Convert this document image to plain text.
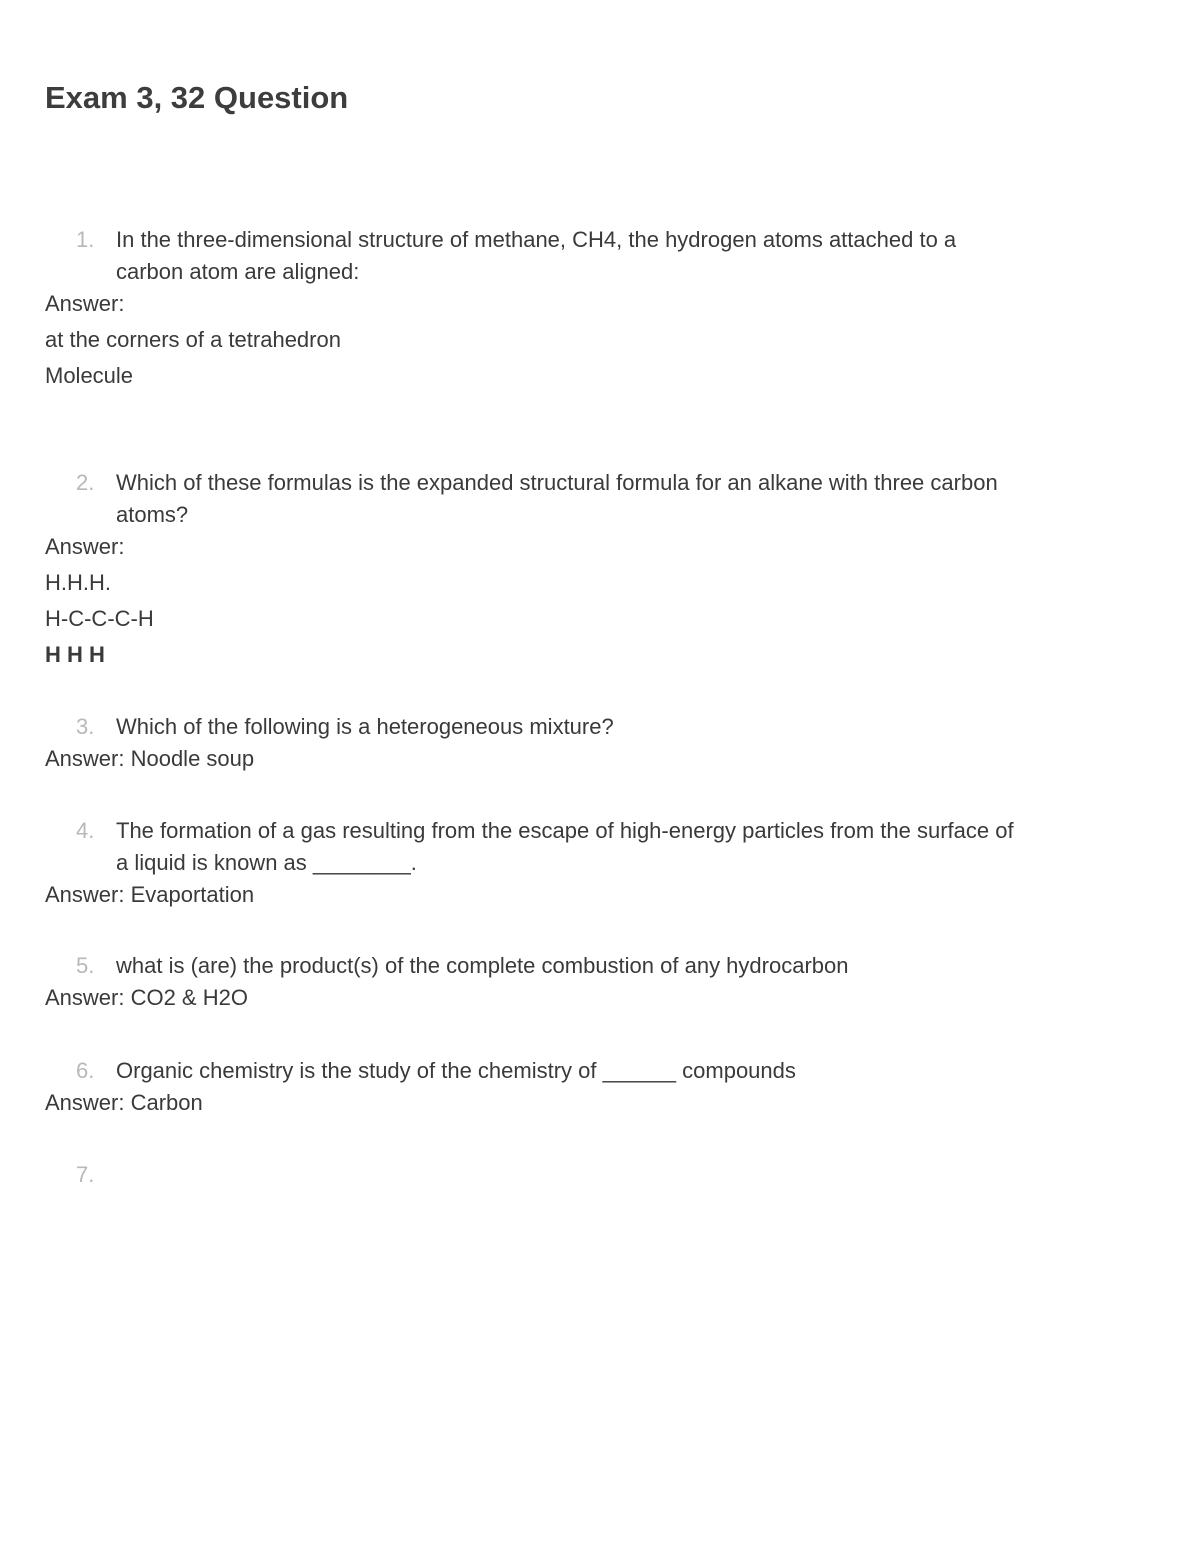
Exam 3, 32 Question
1. In the three-dimensional structure of methane, CH4, the hydrogen atoms attached to a
carbon atom are aligned:
Answer:
at the corners of a tetrahedron
Molecule
2. Which of these formulas is the expanded structural formula for an alkane with three carbon
atoms?
Answer:
H.H.H.
H-C-C-C-H
H H H
3. Which of the following is a heterogeneous mixture?
Answer: Noodle soup
4. The formation of a gas resulting from the escape of high-energy particles from the surface of
a liquid is known as ________.
Answer: Evaportation
5. what is (are) the product(s) of the complete combustion of any hydrocarbon
Answer: CO2 & H2O
6. Organic chemistry is the study of the chemistry of ______ compounds
Answer: Carbon
7.
